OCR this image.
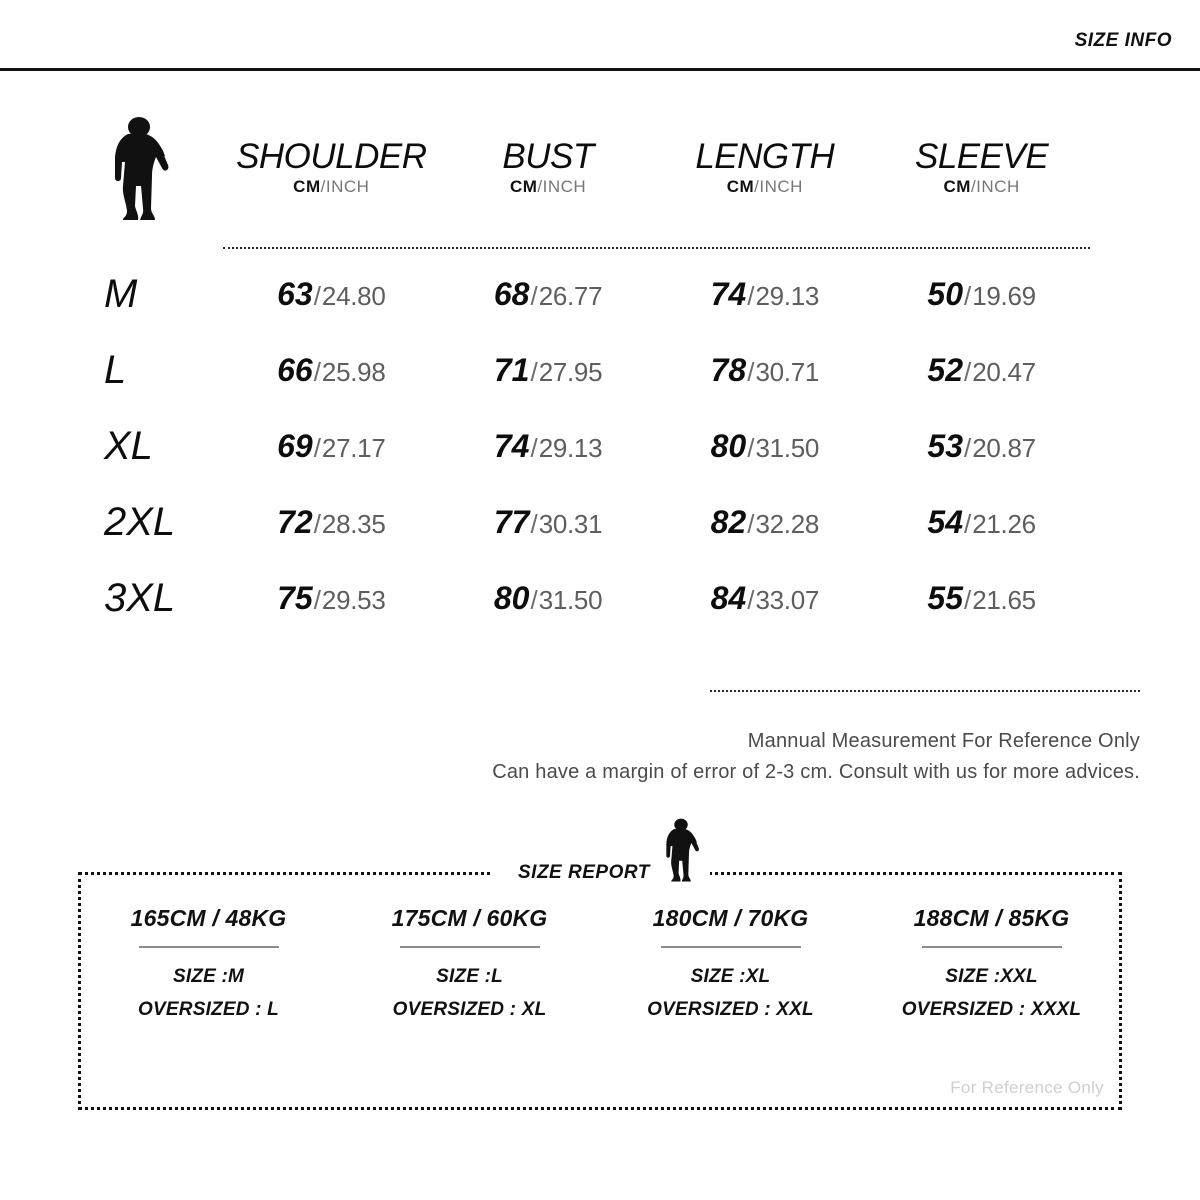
SIZE INFO

SHOULDER
CM/INCH

BUST
CM/INCH

LENGTH
CM/INCH

SLEEVE
CM/INCH

M	63/24.80	68/26.77	74/29.13	50/19.69
L	66/25.98	71/27.95	78/30.71	52/20.47
XL	69/27.17	74/29.13	80/31.50	53/20.87
2XL	72/28.35	77/30.31	82/32.28	54/21.26
3XL	75/29.53	80/31.50	84/33.07	55/21.65
Mannual Measurement For Reference Only
Can have a margin of error of 2-3 cm. Consult with us for more advices.
SIZE REPORT
165CM / 48KG
SIZE :M
OVERSIZED : L
175CM / 60KG
SIZE :L
OVERSIZED : XL
180CM / 70KG
SIZE :XL
OVERSIZED : XXL
188CM / 85KG
SIZE :XXL
OVERSIZED : XXXL
For Reference Only
